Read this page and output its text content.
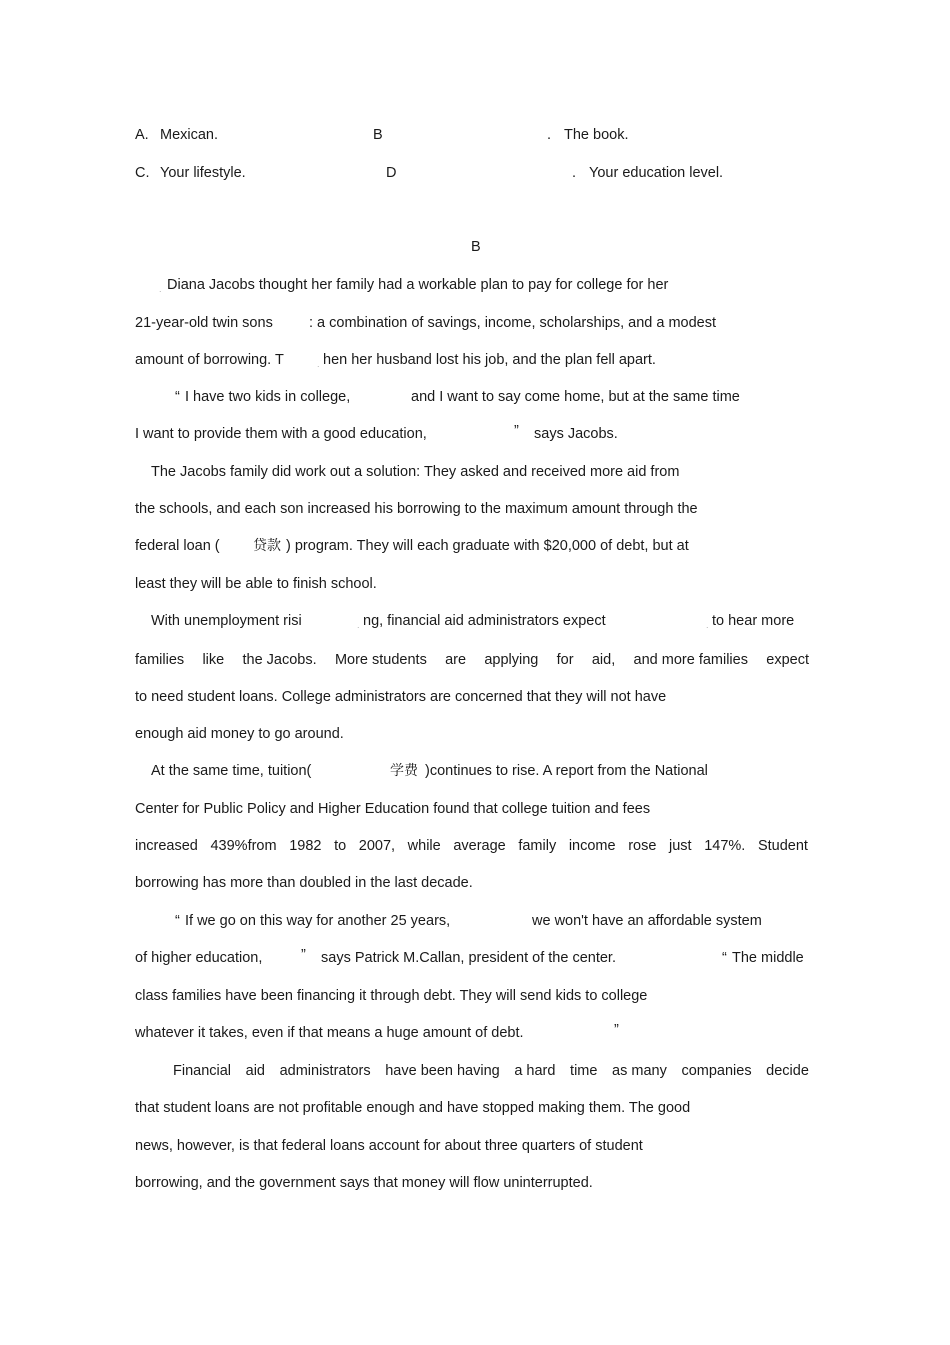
A. Mexican.	B	. The book.
C. Your lifestyle.	D	. Your education level.
B
. Diana Jacobs thought her family had a workable plan to pay for college for her
21-year-old twin sons : a combination of savings, income, scholarships, and a modest
amount of borrowing. T	. hen her husband lost his job, and the plan fell apart.
“ I have two kids in college,	and I want to say come home, but at the same time
I want to provide them with a good education,	” says Jacobs.
The Jacobs family did work out a solution: They asked and received more aid from
the schools, and each son increased his borrowing to the maximum amount through the
federal loan ( 贷款 ) program. They will each graduate with $20,000 of debt, but at
least they will be able to finish school.
With unemployment risi	. ng, financial aid administrators expect	. to hear more
families like the Jacobs. More students are applying for aid, and more families expect
to need student loans. College administrators are concerned that they will not have
enough aid money to go around.
At the same time, tuition(	学费 )continues to rise. A report from the National
Center for Public Policy and Higher Education found that college tuition and fees
increased 439%from 1982 to 2007, while average family income rose just 147%. Student
borrowing has more than doubled in the last decade.
“ If we go on this way for another 25 years,	we won't have an affordable system
of higher education,	” says Patrick M.Callan, president of the center.	“ The middle
class families have been financing it through debt. They will send kids to college
whatever it takes, even if that means a huge amount of debt.	”
Financial aid administrators have been having a hard time as many companies decide
that student loans are not profitable enough and have stopped making them. The good
news, however, is that federal loans account for about three quarters of student
borrowing, and the government says that money will flow uninterrupted.
